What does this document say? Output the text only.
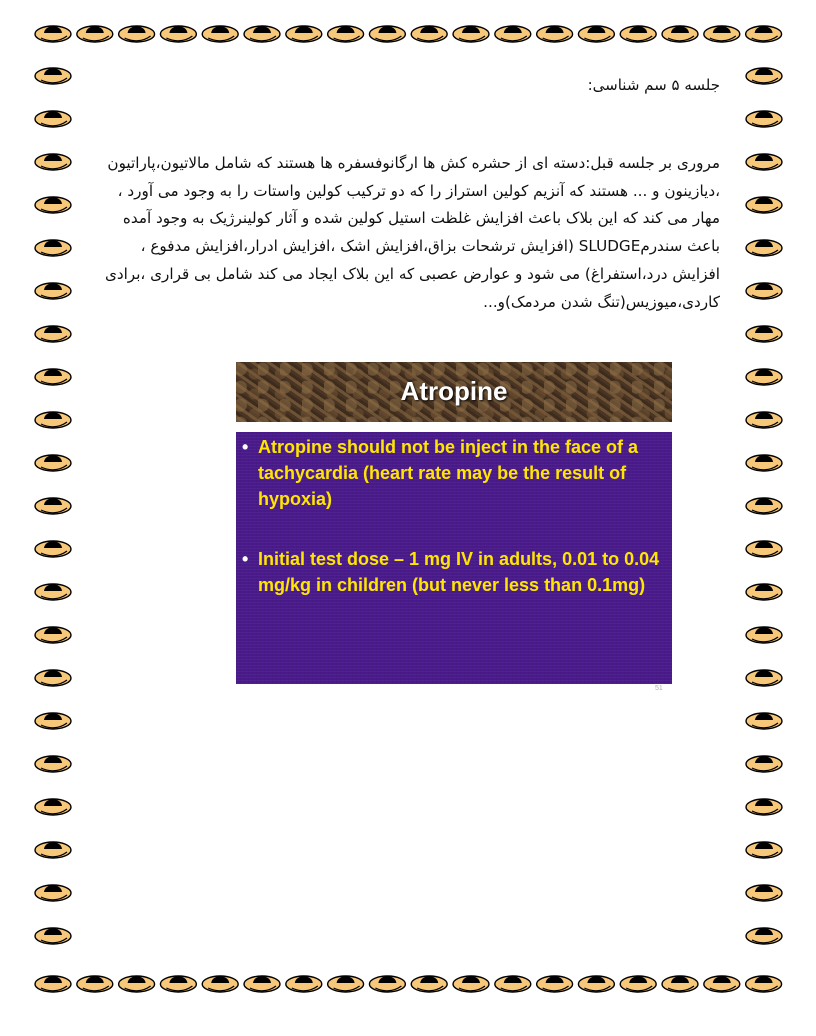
جلسه ۵ سم شناسی:

مروری بر جلسه قبل:دسته ای از حشره کش ها ارگانوفسفره ها هستند که شامل مالاتیون،پاراتیون ،دیازینون و ... هستند که آنزیم کولین استراز را که دو ترکیب کولین واستات را به وجود می آورد ، مهار می کند که این بلاک باعث افزایش غلظت استیل کولین شده و آثار کولینرژیک به وجود آمده باعث سندرمSLUDGE (افزایش ترشحات بزاق،افزایش اشک ،افزایش ادرار،افزایش مدفوع ، افزایش درد،استفراغ) می شود و عوارض عصبی که این بلاک ایجاد می کند شامل بی قراری ،برادی کاردی،میوزیس(تنگ شدن مردمک)و...

Atropine
• Atropine should not be inject in the face of a tachycardia (heart rate may be the result of hypoxia)
• Initial test dose – 1 mg IV in adults, 0.01 to 0.04 mg/kg in children (but never less than 0.1mg)
51
